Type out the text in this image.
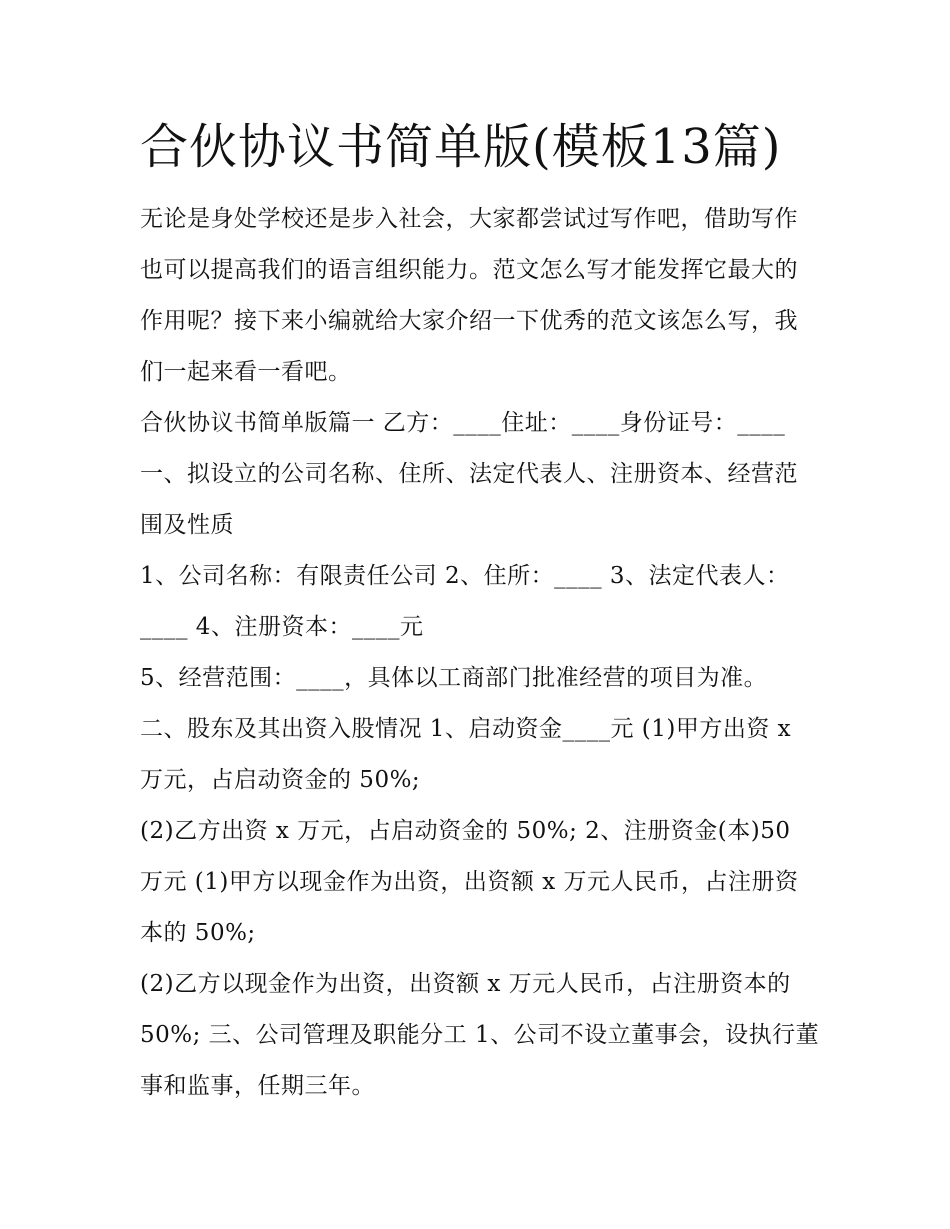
合伙协议书简单版(模板13篇)

无论是身处学校还是步入社会，大家都尝试过写作吧，借助写作也可以提高我们的语言组织能力。范文怎么写才能发挥它最大的作用呢？接下来小编就给大家介绍一下优秀的范文该怎么写，我们一起来看一看吧。

合伙协议书简单版篇一 乙方：____住址：____身份证号：____ 一、拟设立的公司名称、住所、法定代表人、注册资本、经营范围及性质

1、公司名称：有限责任公司 2、住所：____ 3、法定代表人：____ 4、注册资本：____元

5、经营范围：____，具体以工商部门批准经营的项目为准。

二、股东及其出资入股情况 1、启动资金____元 (1)甲方出资 x 万元，占启动资金的 50%;

(2)乙方出资 x 万元，占启动资金的 50%; 2、注册资金(本)50 万元 (1)甲方以现金作为出资，出资额 x 万元人民币，占注册资本的 50%;

(2)乙方以现金作为出资，出资额 x 万元人民币，占注册资本的 50%; 三、公司管理及职能分工 1、公司不设立董事会，设执行董事和监事，任期三年。
